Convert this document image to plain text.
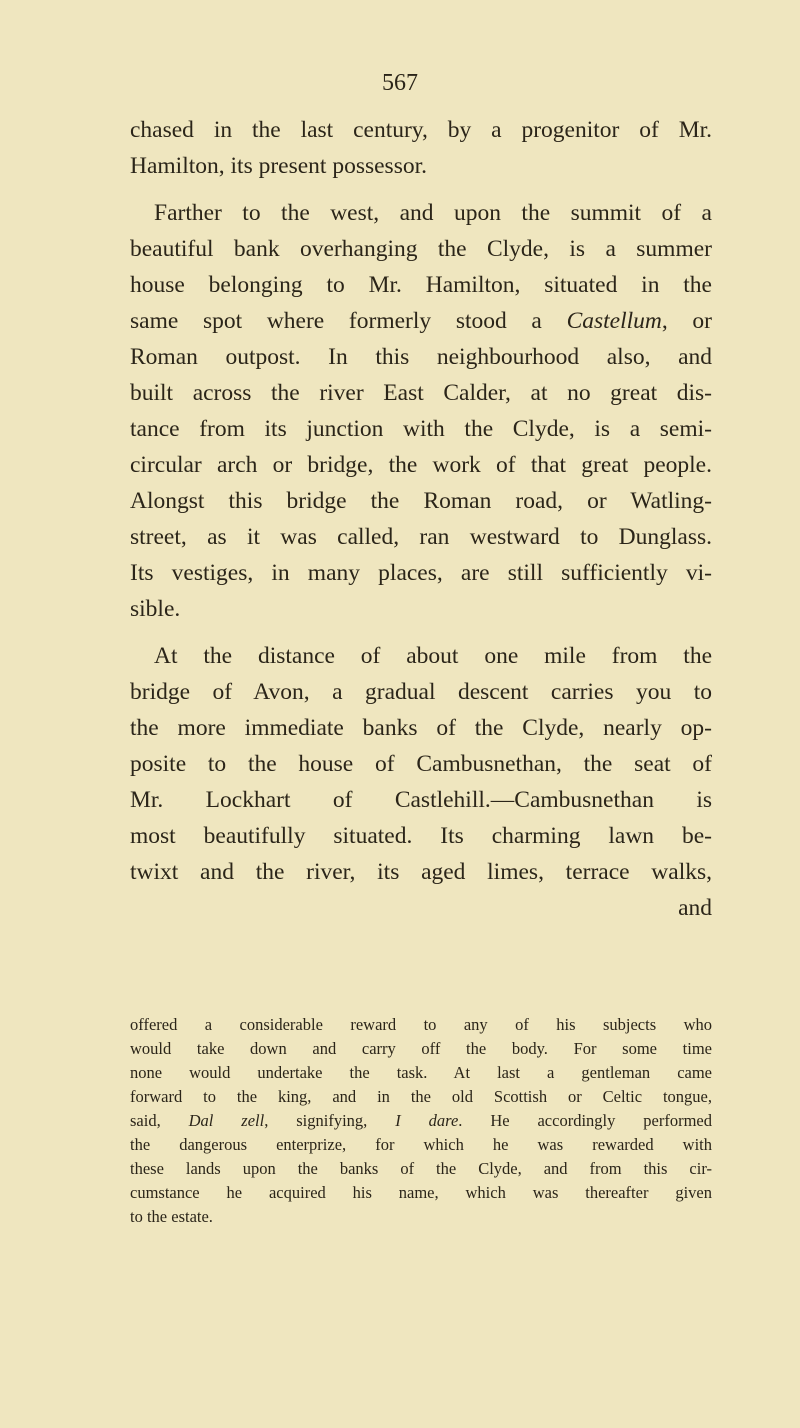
567
chased in the last century, by a progenitor of Mr.
Hamilton, its present possessor.
Farther to the west, and upon the summit of a
beautiful bank overhanging the Clyde, is a summer
house belonging to Mr. Hamilton, situated in the
same spot where formerly stood a Castellum, or
Roman outpost. In this neighbourhood also, and
built across the river East Calder, at no great dis-
tance from its junction with the Clyde, is a semi-
circular arch or bridge, the work of that great people.
Alongst this bridge the Roman road, or Watling-
street, as it was called, ran westward to Dunglass.
Its vestiges, in many places, are still sufficiently vi-
sible.
At the distance of about one mile from the
bridge of Avon, a gradual descent carries you to
the more immediate banks of the Clyde, nearly op-
posite to the house of Cambusnethan, the seat of
Mr. Lockhart of Castlehill.—Cambusnethan is
most beautifully situated. Its charming lawn be-
twixt and the river, its aged limes, terrace walks,
and
offered a considerable reward to any of his subjects who
would take down and carry off the body. For some time
none would undertake the task. At last a gentleman came
forward to the king, and in the old Scottish or Celtic tongue,
said, Dal zell, signifying, I dare. He accordingly performed
the dangerous enterprize, for which he was rewarded with
these lands upon the banks of the Clyde, and from this cir-
cumstance he acquired his name, which was thereafter given
to the estate.
